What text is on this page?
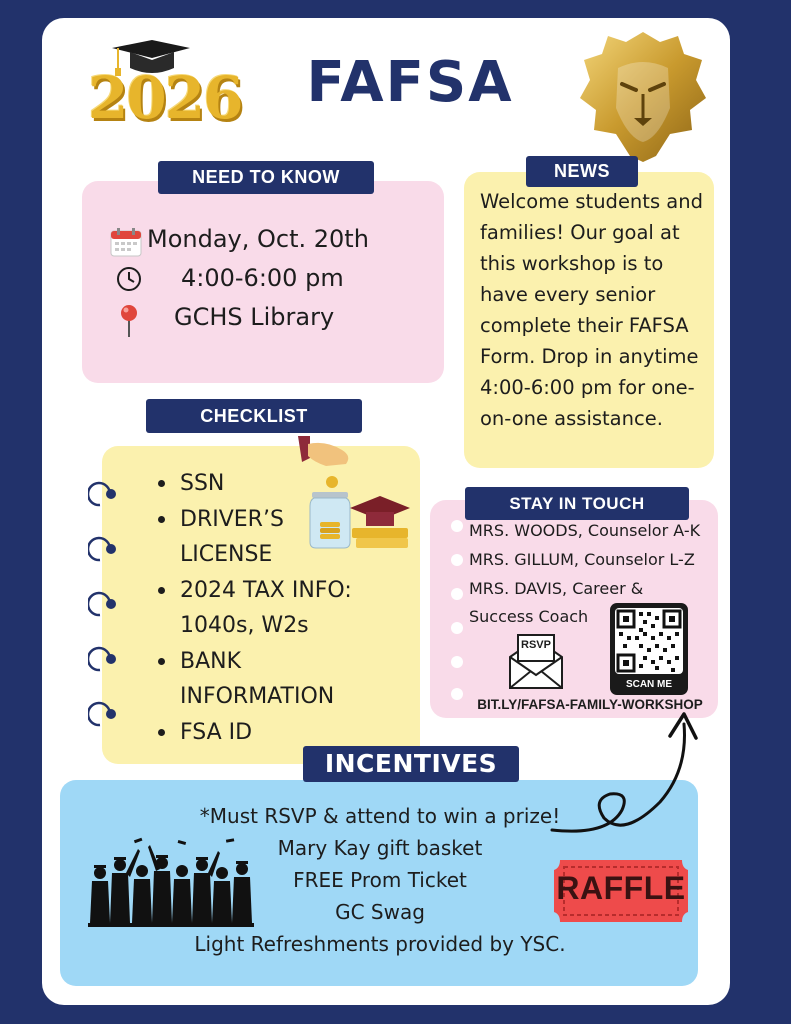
2026 FAFSA
NEED TO KNOW
Monday, Oct. 20th
4:00-6:00 pm
GCHS Library
NEWS
Welcome students and families! Our goal at this workshop is to have every senior complete their FAFSA Form. Drop in anytime 4:00-6:00 pm for one-on-one assistance.
CHECKLIST
SSN
DRIVER’S LICENSE
2024 TAX INFO: 1040s, W2s
BANK INFORMATION
FSA ID
STAY IN TOUCH
MRS. WOODS, Counselor A-K
MRS. GILLUM, Counselor L-Z
MRS. DAVIS, Career &
Success Coach
RSVP
SCAN ME
BIT.LY/FAFSA-FAMILY-WORKSHOP
INCENTIVES
*Must RSVP & attend to win a prize!
Mary Kay gift basket
FREE Prom Ticket
GC Swag
Light Refreshments provided by YSC.
RAFFLE
